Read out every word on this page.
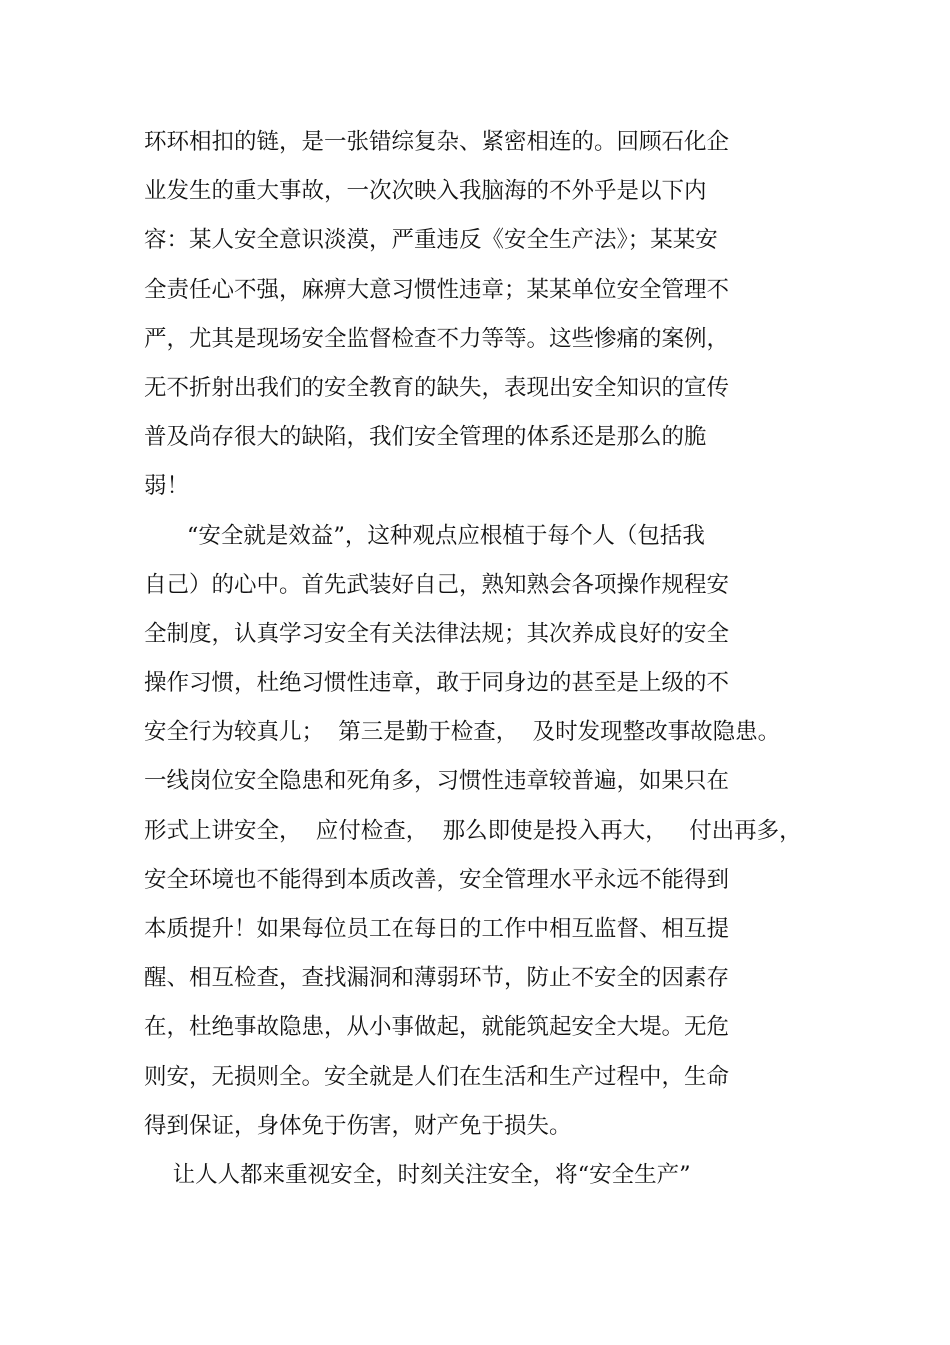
环环相扣的链，是一张错综复杂、紧密相连的。回顾石化企
业发生的重大事故，一次次映入我脑海的不外乎是以下内
容：某人安全意识淡漠，严重违反《安全生产法》；某某安
全责任心不强，麻痹大意习惯性违章；某某单位安全管理不
严，尤其是现场安全监督检查不力等等。这些惨痛的案例，
无不折射出我们的安全教育的缺失，表现出安全知识的宣传
普及尚存很大的缺陷，我们安全管理的体系还是那么的脆
弱！
“安全就是效益”，这种观点应根植于每个人（包括我
自己）的心中。首先武装好自己，熟知熟会各项操作规程安
全制度，认真学习安全有关法律法规；其次养成良好的安全
操作习惯，杜绝习惯性违章，敢于同身边的甚至是上级的不
安全行为较真儿；  第三是勤于检查，  及时发现整改事故隐患。
一线岗位安全隐患和死角多，习惯性违章较普遍，如果只在
形式上讲安全，  应付检查，  那么即使是投入再大，   付出再多，
安全环境也不能得到本质改善，安全管理水平永远不能得到
本质提升！如果每位员工在每日的工作中相互监督、相互提
醒、相互检查，查找漏洞和薄弱环节，防止不安全的因素存
在，杜绝事故隐患，从小事做起，就能筑起安全大堤。无危
则安，无损则全。安全就是人们在生活和生产过程中，生命
得到保证，身体免于伤害，财产免于损失。
让人人都来重视安全，时刻关注安全，将“安全生产”
